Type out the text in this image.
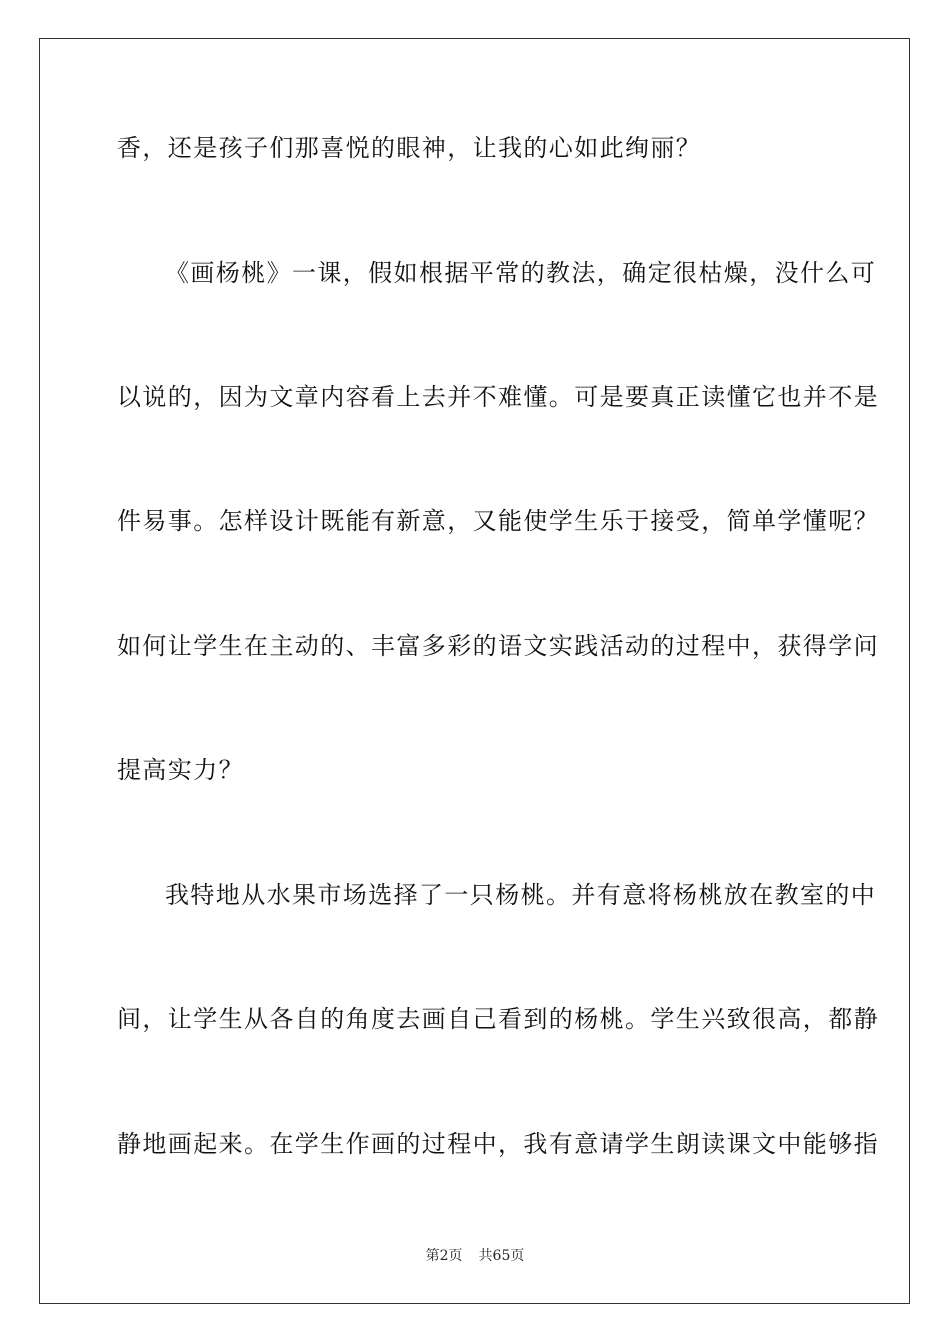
香，还是孩子们那喜悦的眼神，让我的心如此绚丽？
《画杨桃》一课，假如根据平常的教法，确定很枯燥，没什么可
以说的，因为文章内容看上去并不难懂。可是要真正读懂它也并不是
件易事。怎样设计既能有新意，又能使学生乐于接受，简单学懂呢？
如何让学生在主动的、丰富多彩的语文实践活动的过程中，获得学问
提高实力？
我特地从水果市场选择了一只杨桃。并有意将杨桃放在教室的中
间，让学生从各自的角度去画自己看到的杨桃。学生兴致很高，都静
静地画起来。在学生作画的过程中，我有意请学生朗读课文中能够指
第2页 共65页
